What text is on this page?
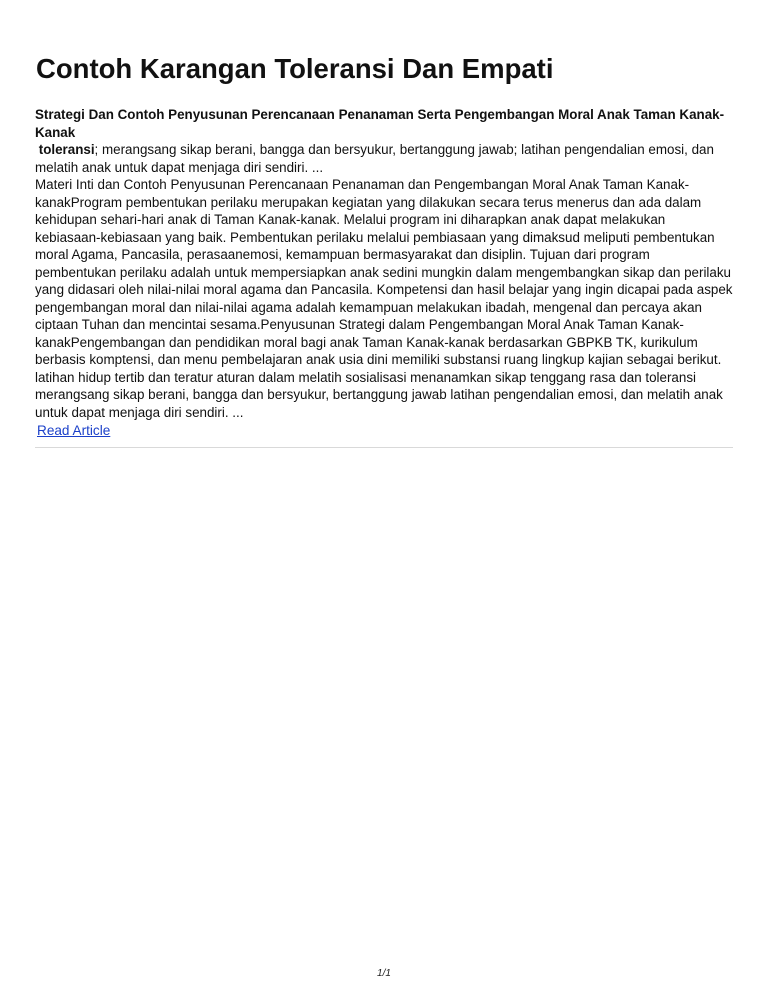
Contoh Karangan Toleransi Dan Empati
Strategi Dan Contoh Penyusunan Perencanaan Penanaman Serta Pengembangan Moral Anak Taman Kanak-Kanak

toleransi; merangsang sikap berani, bangga dan bersyukur, bertanggung jawab; latihan pengendalian emosi, dan melatih anak untuk dapat menjaga diri sendiri. ...

Materi Inti dan Contoh Penyusunan Perencanaan Penanaman dan Pengembangan Moral Anak Taman Kanak-kanakProgram pembentukan perilaku merupakan kegiatan yang dilakukan secara terus menerus dan ada dalam kehidupan sehari-hari anak di Taman Kanak-kanak. Melalui program ini diharapkan anak dapat melakukan kebiasaan-kebiasaan yang baik. Pembentukan perilaku melalui pembiasaan yang dimaksud meliputi pembentukan moral Agama, Pancasila, perasaanemosi, kemampuan bermasyarakat dan disiplin. Tujuan dari program pembentukan perilaku adalah untuk mempersiapkan anak sedini mungkin dalam mengembangkan sikap dan perilaku yang didasari oleh nilai-nilai moral agama dan Pancasila. Kompetensi dan hasil belajar yang ingin dicapai pada aspek pengembangan moral dan nilai-nilai agama adalah kemampuan melakukan ibadah, mengenal dan percaya akan ciptaan Tuhan dan mencintai sesama.Penyusunan Strategi dalam Pengembangan Moral Anak Taman Kanak-kanakPengembangan dan pendidikan moral bagi anak Taman Kanak-kanak berdasarkan GBPKB TK, kurikulum berbasis komptensi, dan menu pembelajaran anak usia dini memiliki substansi ruang lingkup kajian sebagai berikut. latihan hidup tertib dan teratur aturan dalam melatih sosialisasi menanamkan sikap tenggang rasa dan toleransi merangsang sikap berani, bangga dan bersyukur, bertanggung jawab latihan pengendalian emosi, dan melatih anak untuk dapat menjaga diri sendiri. ...

Read Article
1/1
